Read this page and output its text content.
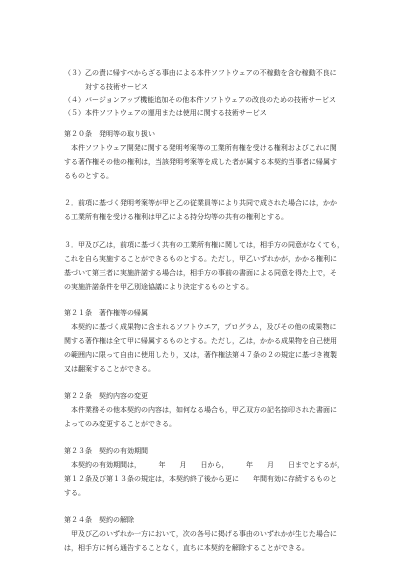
（３）乙の責に帰すべからざる事由による本件ソフトウェアの不稼動を含む稼動不良に
　　　対する技術サービス
（４）バージョンアップ機能追加その他本件ソフトウェアの改良のための技術サービス
（５）本件ソフトウェアの運用または使用に関する技術サービス
第２０条　発明等の取り扱い
　本件ソフトウェア開発に関する発明考案等の工業所有権を受ける権利およびこれに関
する著作権その他の権利は，当該発明考案等を成した者が属する本契約当事者に帰属す
るものとする。
２．前項に基づく発明考案等が甲と乙の従業員等により共同で成された場合には，かか
る工業所有権を受ける権利は甲乙による持分均等の共有の権利とする。
３．甲及び乙は，前項に基づく共有の工業所有権に関しては，相手方の同意がなくても，
これを自ら実施することができるものとする。ただし，甲乙いずれかが，かかる権利に
基づいて第三者に実施許諾する場合は，相手方の事前の書面による同意を得た上で，そ
の実施許諾条件を甲乙別途協議により決定するものとする。
第２１条　著作権等の帰属
　本契約に基づく成果物に含まれるソフトウエア，プログラム，及びその他の成果物に
関する著作権は全て甲に帰属するものとする。ただし，乙は，かかる成果物を自己使用
の範囲内に限って自由に使用したり，又は，著作権法第４７条の２の規定に基づき複製
又は翻案することができる。
第２２条　契約内容の変更
　本件業務その他本契約の内容は，如何なる場合も，甲乙双方の記名捺印された書面に
よってのみ変更することができる。
第２３条　契約の有効期間
　本契約の有効期間は，　　　年　　月　　日から，　　　年　　月　　日までとするが，
第１２条及び第１３条の規定は，本契約終了後から更に　　年間有効に存続するものと
する。
第２４条　契約の解除
　甲及び乙のいずれか一方において，次の各号に掲げる事由のいずれかが生じた場合に
は，相手方に何ら通告することなく，直ちに本契約を解除することができる。
